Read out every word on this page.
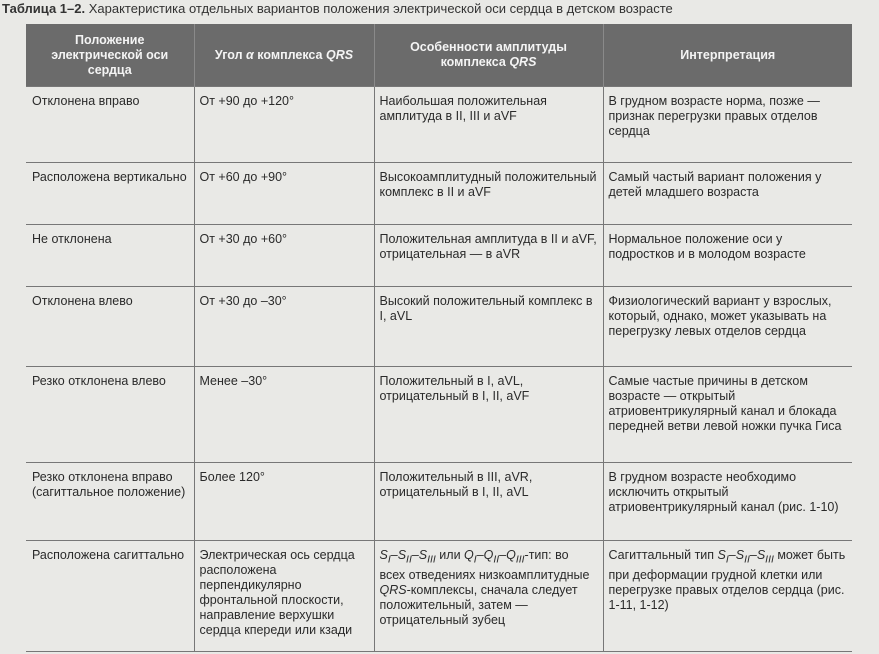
Таблица 1–2. Характеристика отдельных вариантов положения электрической оси сердца в детском возрасте
Положение электрической оси сердца	Угол α комплекса QRS	Особенности амплитуды комплекса QRS	Интерпретация
Отклонена вправо	От +90 до +120°	Наибольшая положительная амплитуда в II, III и aVF	В грудном возрасте норма, позже — признак перегрузки правых отделов сердца
Расположена вертикально	От +60 до +90°	Высокоамплитудный положительный комплекс в II и aVF	Самый частый вариант положения у детей младшего возраста
Не отклонена	От +30 до +60°	Положительная амплитуда в II и aVF, отрицательная — в aVR	Нормальное положение оси у подростков и в молодом возрасте
Отклонена влево	От +30 до –30°	Высокий положительный комплекс в I, aVL	Физиологический вариант у взрослых, который, однако, может указывать на перегрузку левых отделов сердца
Резко отклонена влево	Менее –30°	Положительный в I, aVL, отрицательный в I, II, aVF	Самые частые причины в детском возрасте — открытый атриовентрикулярный канал и блокада передней ветви левой ножки пучка Гиса
Резко отклонена вправо (сагиттальное положение)	Более 120°	Положительный в III, aVR, отрицательный в I, II, aVL	В грудном возрасте необходимо исключить открытый атриовентрикулярный канал (рис. 1-10)
Расположена сагиттально	Электрическая ось сердца расположена перпендикулярно фронтальной плоскости, направление верхушки сердца кпереди или кзади	$S_I-S_{II}-S_{III}$ или $Q_I-Q_{II}-Q_{III}$-тип: во всех отведениях низкоамплитудные QRS-комплексы, сначала следует положительный, затем — отрицательный зубец	Сагиттальный тип $S_I-S_{II}-S_{III}$ может быть при деформации грудной клетки или перегрузке правых отделов сердца (рис. 1-11, 1-12)
